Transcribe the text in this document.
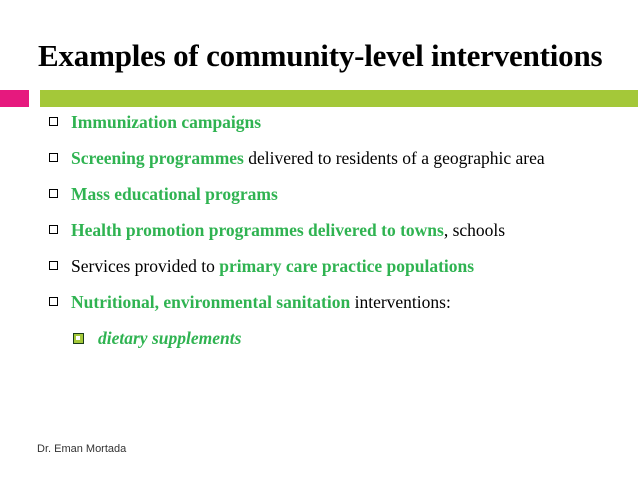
Examples of community-level interventions
Immunization campaigns
Screening programmes delivered to residents of a geographic area
Mass educational programs
Health promotion programmes delivered to towns, schools
Services provided to primary care practice populations
Nutritional, environmental sanitation interventions:
dietary supplements
Dr. Eman Mortada
